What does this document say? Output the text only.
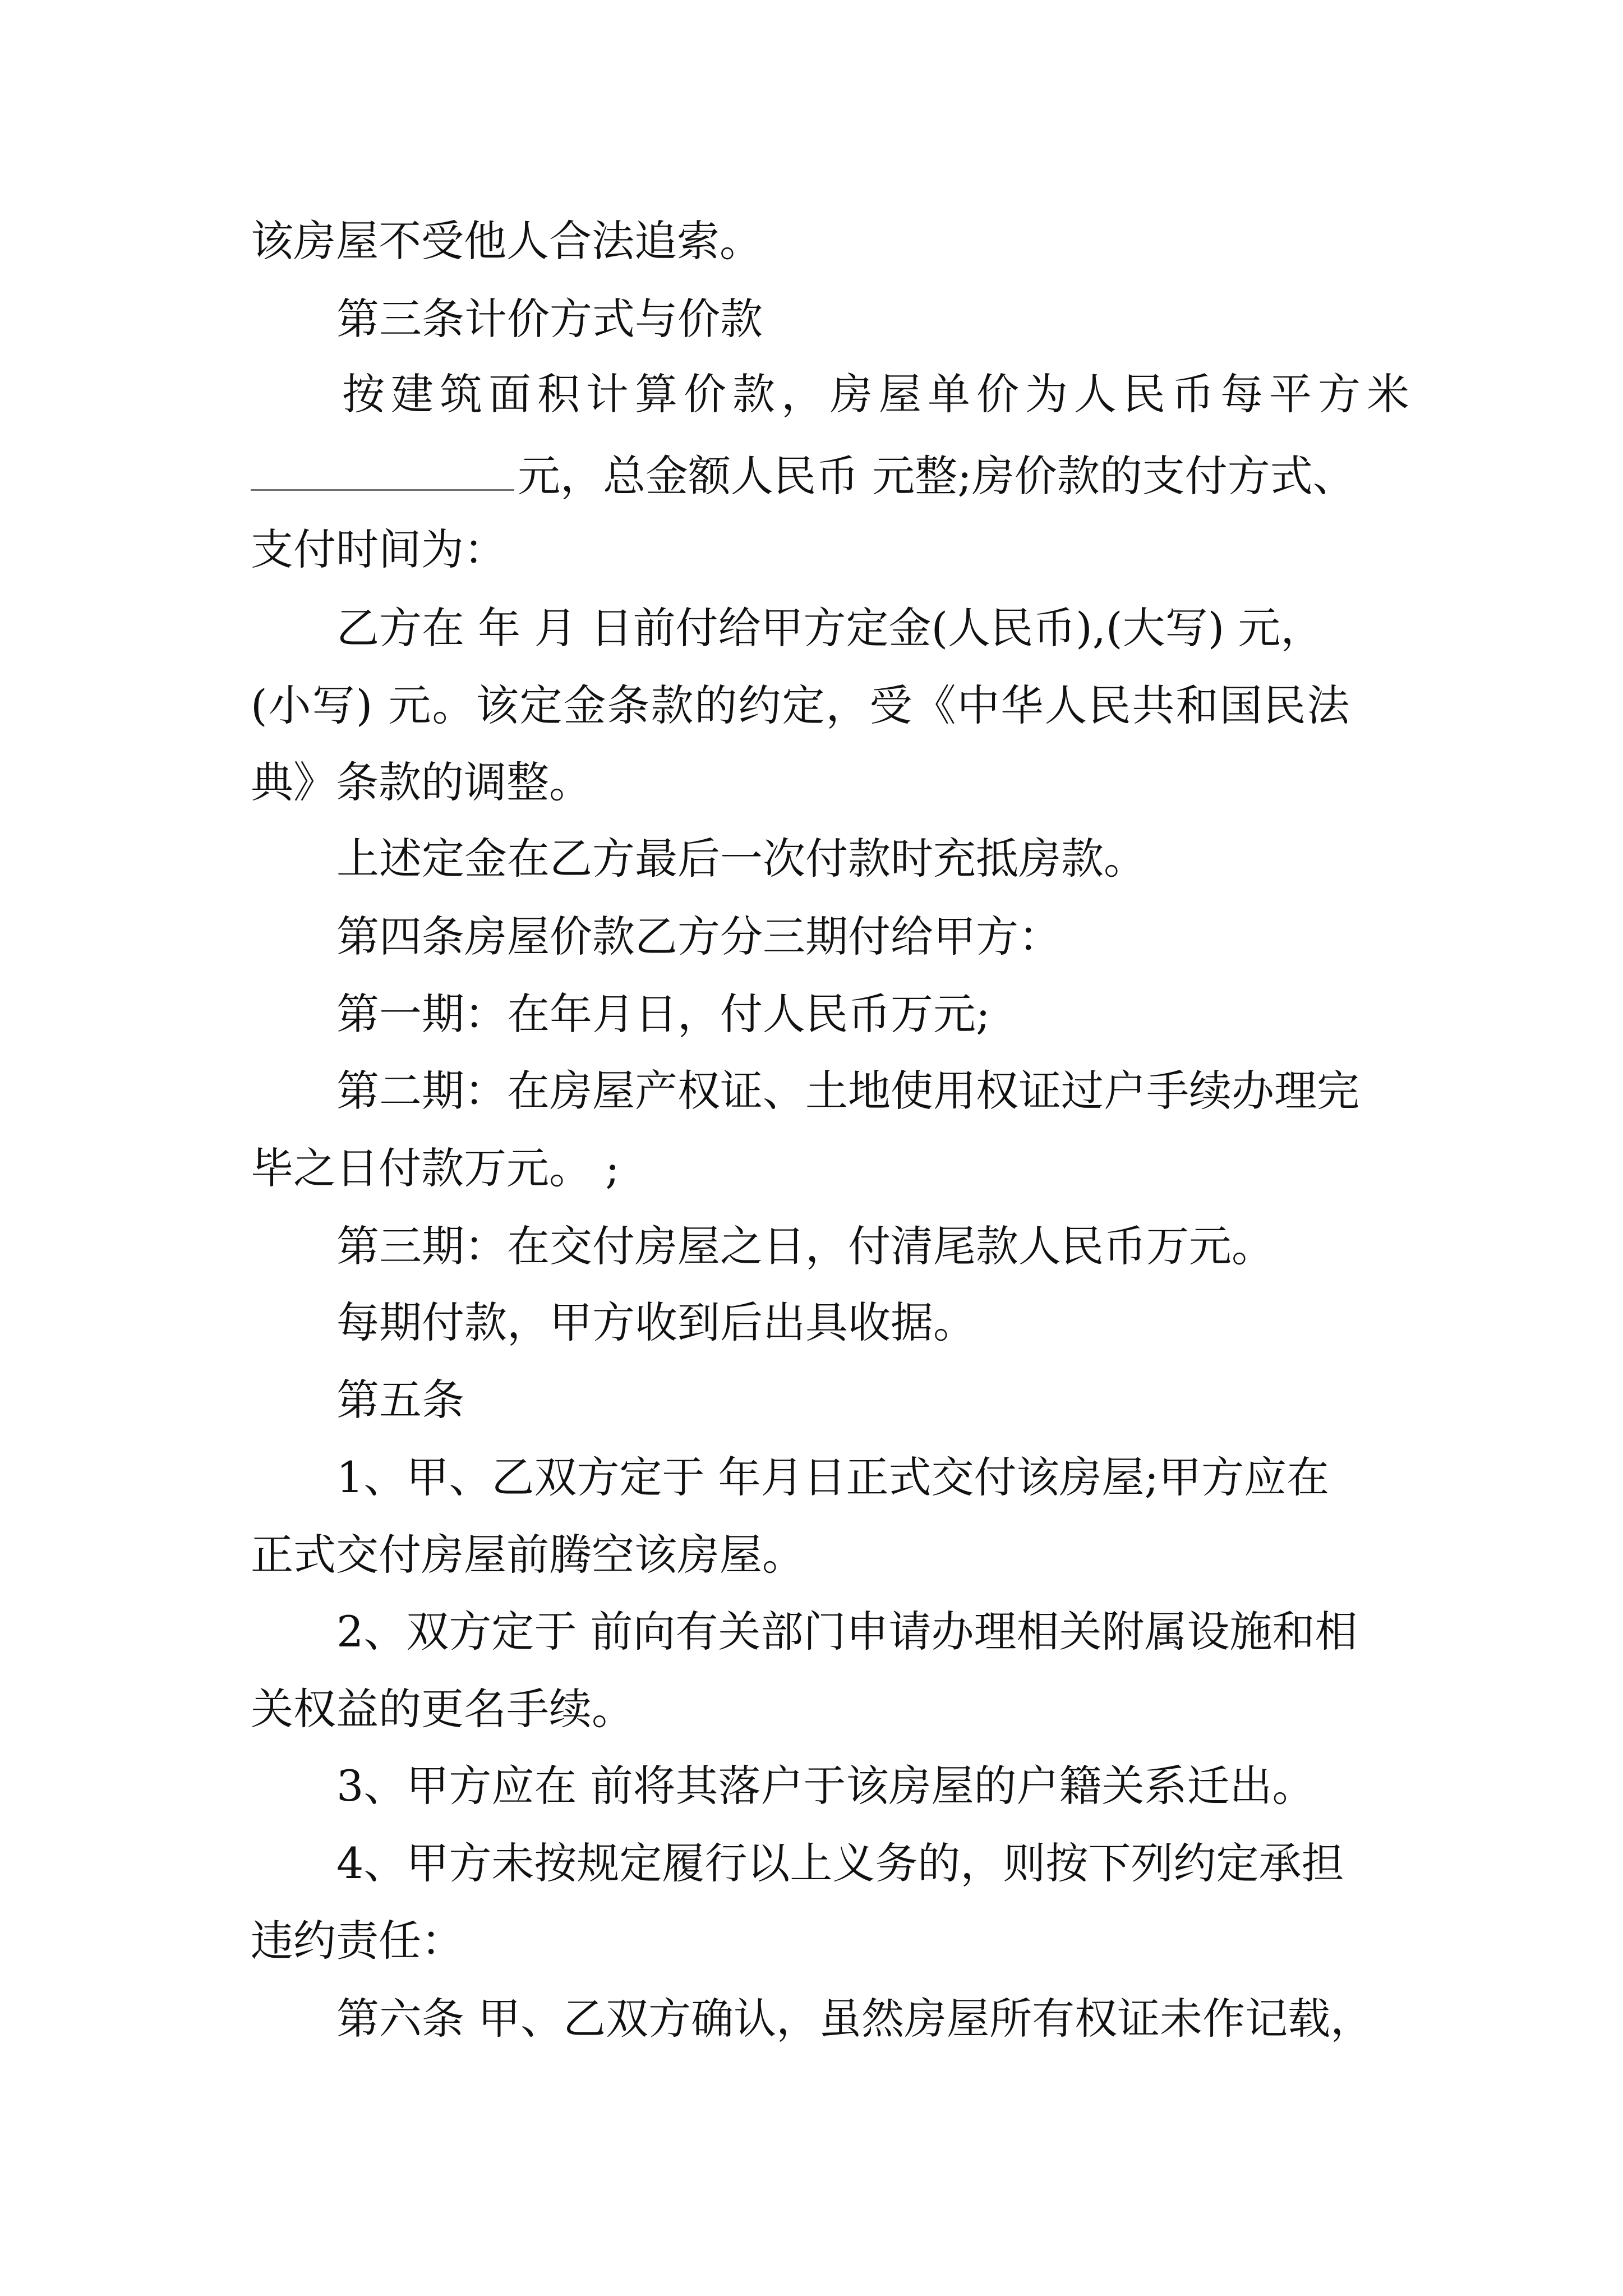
该房屋不受他人合法追索。
第三条计价方式与价款
按建筑面积计算价款，房屋单价为人民币每平方米
元，总金额人民币 元整;房价款的支付方式、
支付时间为：
乙方在 年 月 日前付给甲方定金(人民币),(大写) 元，
(小写) 元。该定金条款的约定，受《中华人民共和国民法
典》条款的调整。
上述定金在乙方最后一次付款时充抵房款。
第四条房屋价款乙方分三期付给甲方：
第一期：在年月日，付人民币万元;
第二期：在房屋产权证、土地使用权证过户手续办理完
毕之日付款万元。 ;
第三期：在交付房屋之日，付清尾款人民币万元。
每期付款，甲方收到后出具收据。
第五条
1、甲、乙双方定于 年月日正式交付该房屋;甲方应在
正式交付房屋前腾空该房屋。
2、双方定于 前向有关部门申请办理相关附属设施和相
关权益的更名手续。
3、甲方应在 前将其落户于该房屋的户籍关系迁出。
4、甲方未按规定履行以上义务的，则按下列约定承担
违约责任：
第六条 甲、乙双方确认，虽然房屋所有权证未作记载，
